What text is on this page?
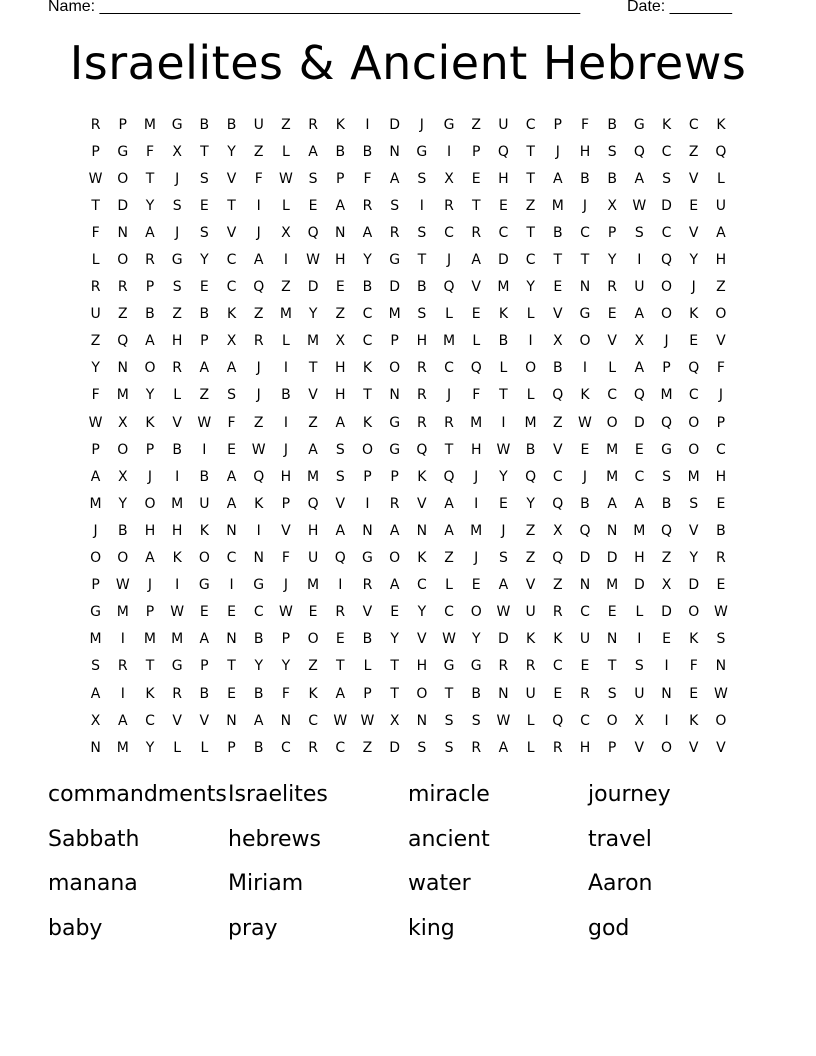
Name: ______________________________________________________	Date: _______
Israelites & Ancient Hebrews
R	P	M	G	B	B	U	Z	R	K	I	D	J	G	Z	U	C	P	F	B	G	K	C	K
P	G	F	X	T	Y	Z	L	A	B	B	N	G	I	P	Q	T	J	H	S	Q	C	Z	Q
W	O	T	J	S	V	F	W	S	P	F	A	S	X	E	H	T	A	B	B	A	S	V	L
T	D	Y	S	E	T	I	L	E	A	R	S	I	R	T	E	Z	M	J	X	W	D	E	U
F	N	A	J	S	V	J	X	Q	N	A	R	S	C	R	C	T	B	C	P	S	C	V	A
L	O	R	G	Y	C	A	I	W	H	Y	G	T	J	A	D	C	T	T	Y	I	Q	Y	H
R	R	P	S	E	C	Q	Z	D	E	B	D	B	Q	V	M	Y	E	N	R	U	O	J	Z
U	Z	B	Z	B	K	Z	M	Y	Z	C	M	S	L	E	K	L	V	G	E	A	O	K	O
Z	Q	A	H	P	X	R	L	M	X	C	P	H	M	L	B	I	X	O	V	X	J	E	V
Y	N	O	R	A	A	J	I	T	H	K	O	R	C	Q	L	O	B	I	L	A	P	Q	F
F	M	Y	L	Z	S	J	B	V	H	T	N	R	J	F	T	L	Q	K	C	Q	M	C	J
W	X	K	V	W	F	Z	I	Z	A	K	G	R	R	M	I	M	Z	W	O	D	Q	O	P
P	O	P	B	I	E	W	J	A	S	O	G	Q	T	H	W	B	V	E	M	E	G	O	C
A	X	J	I	B	A	Q	H	M	S	P	P	K	Q	J	Y	Q	C	J	M	C	S	M	H
M	Y	O	M	U	A	K	P	Q	V	I	R	V	A	I	E	Y	Q	B	A	A	B	S	E
J	B	H	H	K	N	I	V	H	A	N	A	N	A	M	J	Z	X	Q	N	M	Q	V	B
O	O	A	K	O	C	N	F	U	Q	G	O	K	Z	J	S	Z	Q	D	D	H	Z	Y	R
P	W	J	I	G	I	G	J	M	I	R	A	C	L	E	A	V	Z	N	M	D	X	D	E
G	M	P	W	E	E	C	W	E	R	V	E	Y	C	O	W	U	R	C	E	L	D	O	W
M	I	M	M	A	N	B	P	O	E	B	Y	V	W	Y	D	K	K	U	N	I	E	K	S
S	R	T	G	P	T	Y	Y	Z	T	L	T	H	G	G	R	R	C	E	T	S	I	F	N
A	I	K	R	B	E	B	F	K	A	P	T	O	T	B	N	U	E	R	S	U	N	E	W
X	A	C	V	V	N	A	N	C	W W	X	N	S	S	W	L	Q	C	O	X	I	K	O
N	M	Y	L	L	P	B	C	R	C	Z	D	S	S	R	A	L	R	H	P	V	O	V	V
commandments Israelites	miracle	journey
Sabbath	hebrews	ancient	travel
manana	Miriam	water	Aaron
baby	pray	king	god
